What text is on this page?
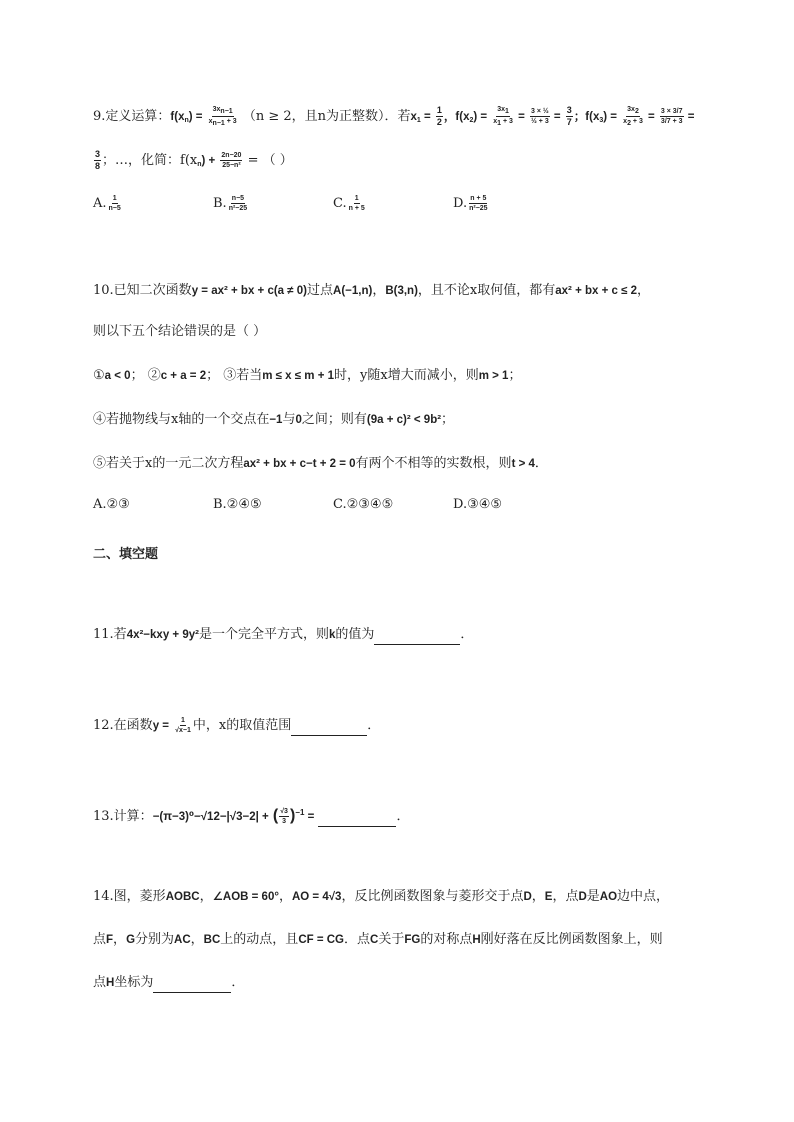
9.定义运算：$f(x_n) = \frac{3x_{n-1}}{x_{n-1} + 3} (n \ge 2$，且n为正整数）．若$x_1 = \frac{1}{2}$ ，$f(x_2) = \frac{3x_1}{x_1 + 3} = \frac{\text{3 × ½}}{\text{½ + 3}} = \frac{3}{7}$ ；$f(x_3) = \frac{3x_2}{x_2 + 3} = \frac{3 \times 3/7}{3/7 + 3}$ =
$\frac{3}{8}$ ；…，化简：$f(x_n) + \frac{2n-20}{\text{25−n²}}$ = （ ）
A. $\frac{1}{n-5}$	B. $\frac{n-5}{\text{n²−25}}$	C. $\frac{1}{n + 5}$	D. $\frac{n + 5}{\text{n²−25}}$
10.已知二次函数y = ax² + bx + c(a ≠ 0)过点A(−1,n)，B(3,n)，且不论x取何值，都有ax² + bx + c ≤ 2，
则以下五个结论错误的是（ ）
①a < 0； ②c + a = 2； ③若当m ≤ x ≤ m + 1时，y随x增大而减小，则m > 1；
④若抛物线与x轴的一个交点在−1与0之间；则有(9a + c)² < 9b²；
⑤若关于x的一元二次方程ax² + bx + c−t + 2 = 0有两个不相等的实数根，则t > 4．
A.②③	B.②④⑤	C.②③④⑤	D.③④⑤
二、填空题
11.若4x²−kxy + 9y²是一个完全平方式，则k的值为	．
12.在函数$y = \frac{1}{√x-1}$ 中，x的取值范围	．
13.计算：−(π−3)⁰−√12−|√3−2| + ( $\frac{√3}{3} )^{-1}$ =	．
14.图，菱形AOBC，∠AOB = 60°，AO = 4√3，反比例函数图象与菱形交于点D，E，点D是AO边中点，
点F，G分别为AC，BC上的动点，且CF = CG．点C关于FG的对称点H刚好落在反比例函数图象上，则
点H坐标为	．
